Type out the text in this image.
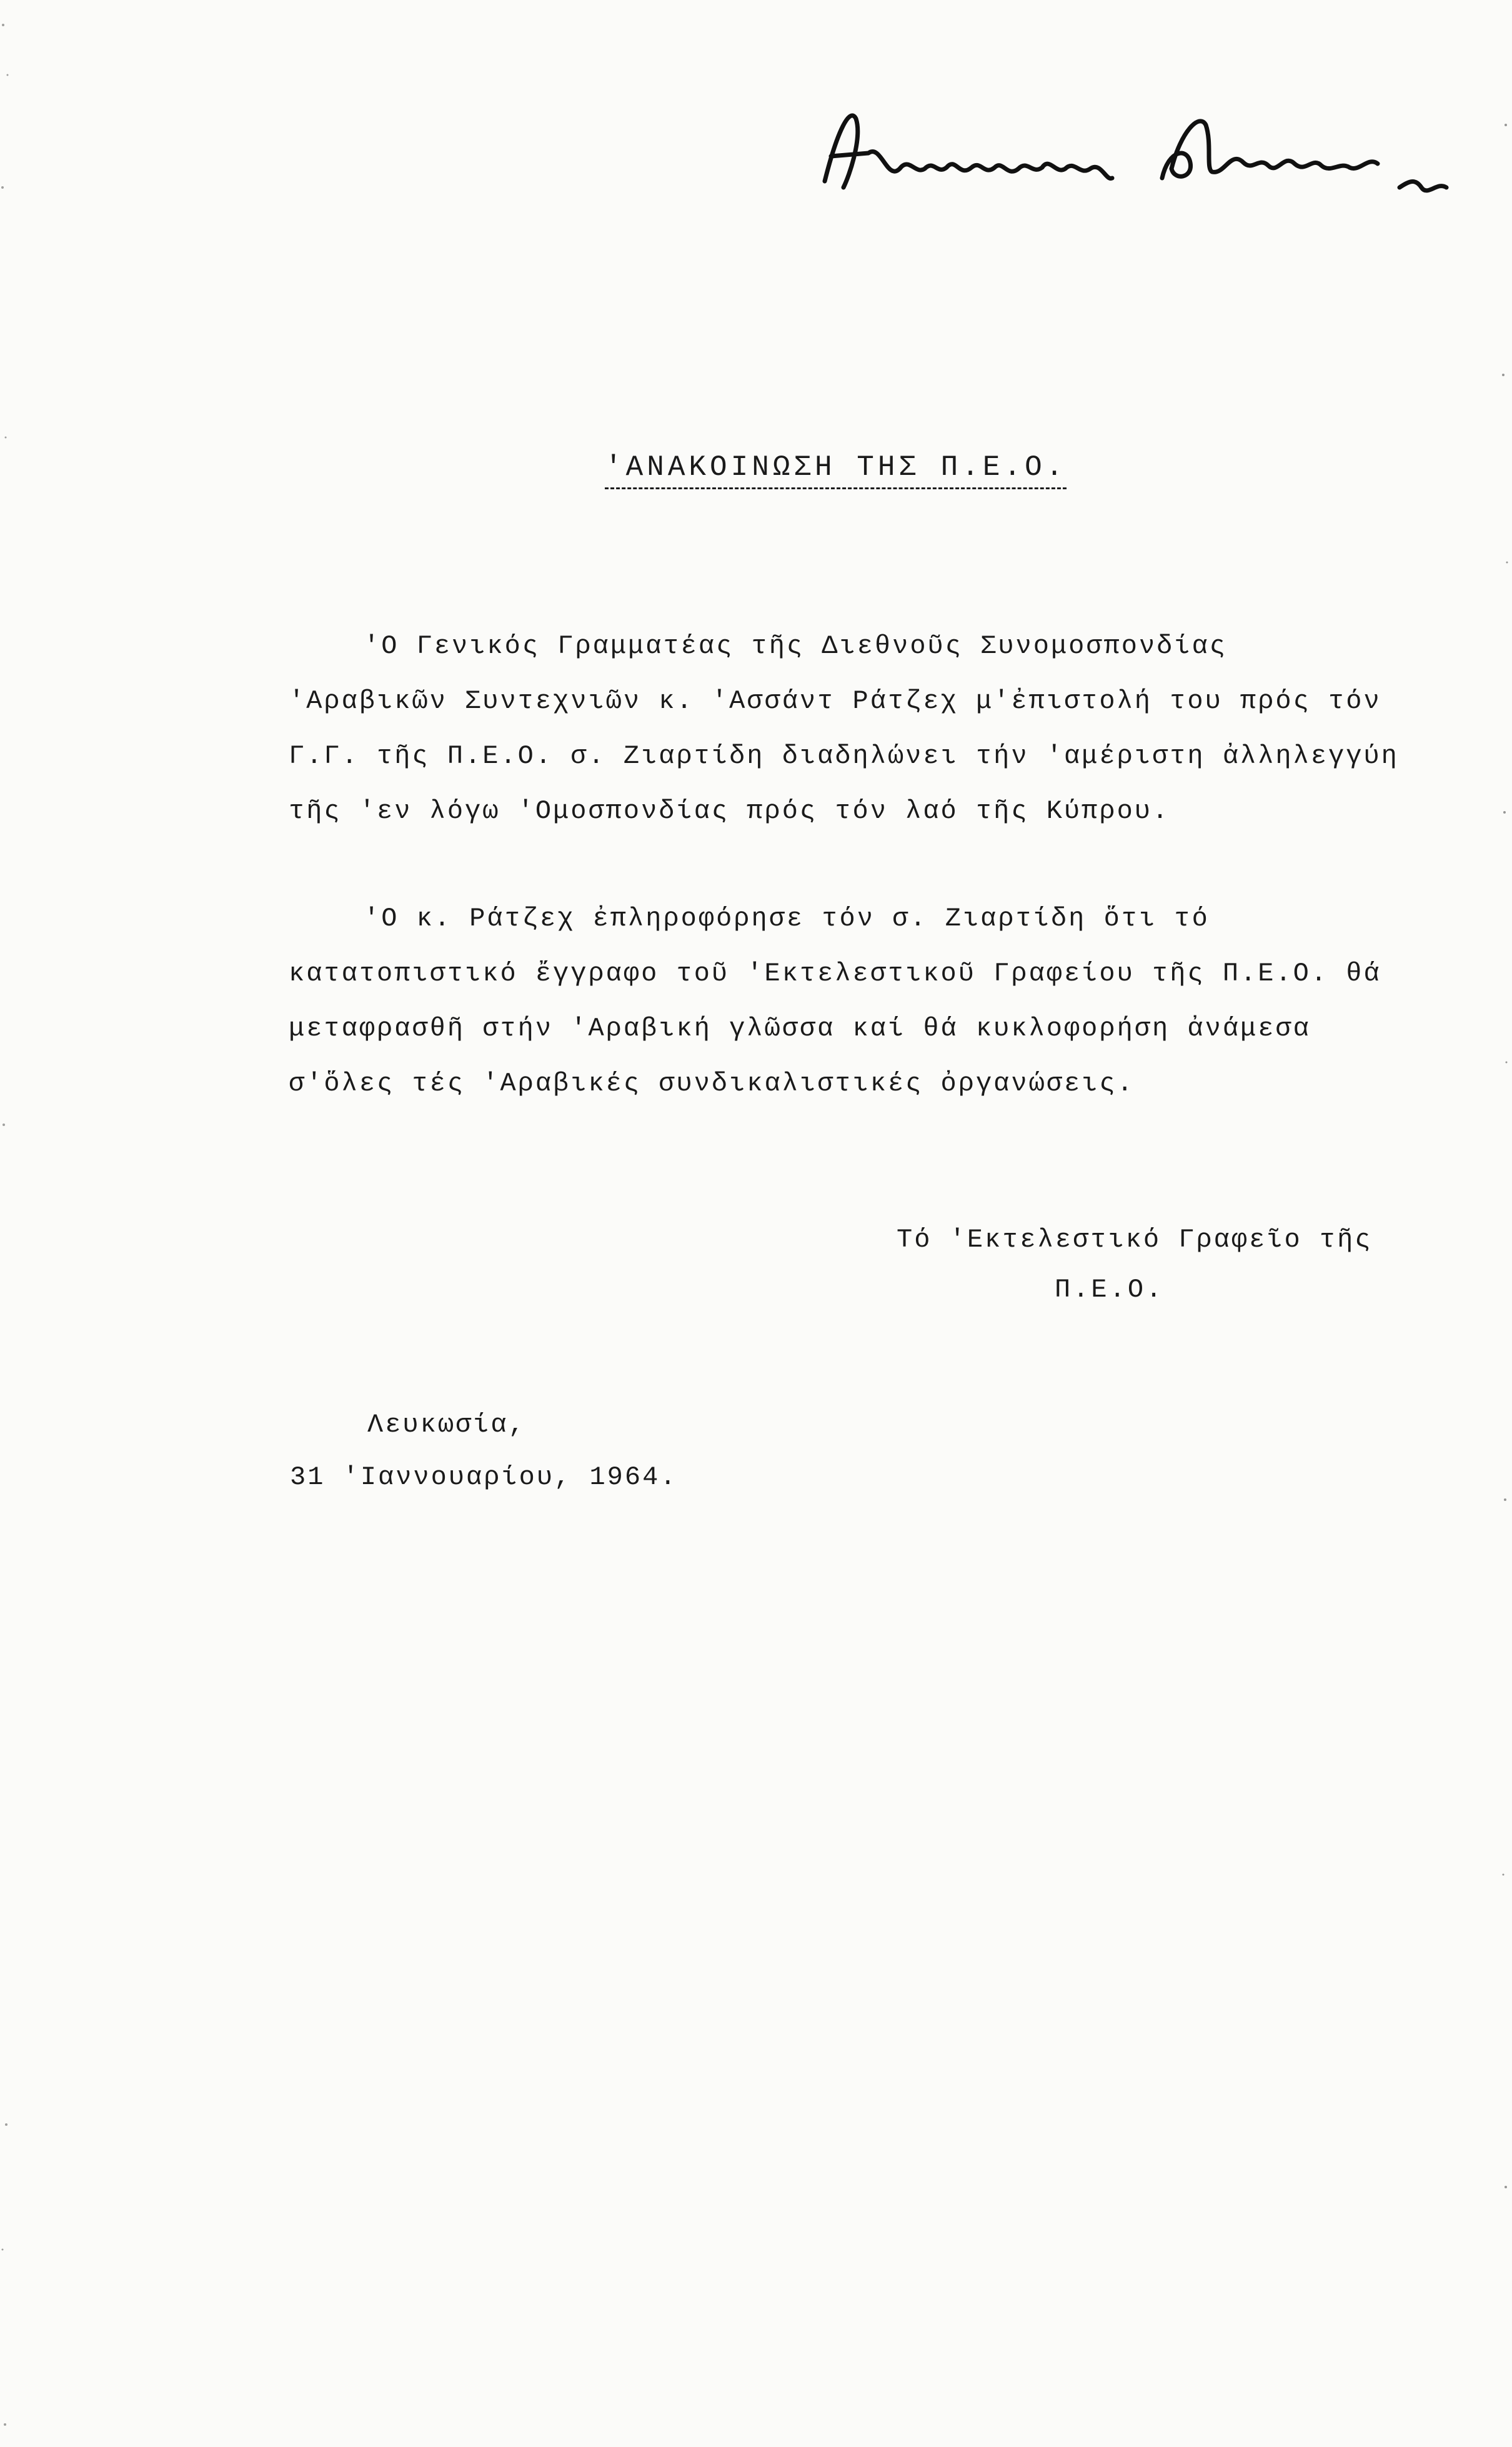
'ΑΝΑΚΟΙΝΩΣΗ ΤΗΣ Π.Ε.Ο.

'Ο Γενικός Γραμματέας τῆς Διεθνοῦς Συνομοσπονδίας 'Αραβικῶν Συντεχνιῶν κ. 'Ασσάντ Ράτζεχ μ'ἐπιστολή του πρός τόν Γ.Γ. τῆς Π.Ε.Ο. σ. Ζιαρτίδη διαδηλώνει τήν 'αμέριστη ἀλληλεγγύη τῆς 'εν λόγω 'Ομοσπονδίας πρός τόν λαό τῆς Κύπρου.

'Ο κ. Ράτζεχ ἐπληροφόρησε τόν σ. Ζιαρτίδη ὅτι τό κατατοπιστικό ἔγγραφο τοῦ 'Εκτελεστικοῦ Γραφείου τῆς Π.Ε.Ο. θά μεταφρασθῆ στήν 'Αραβική γλῶσσα καί θά κυκλοφορήση ἀνάμεσα σ'ὅλες τές 'Αραβικές συνδικαλιστικές ὀργανώσεις.

Τό 'Εκτελεστικό Γραφεῖο τῆς
Π.Ε.Ο.
Λευκωσία,
31 'Ιαννουαρίου, 1964.
